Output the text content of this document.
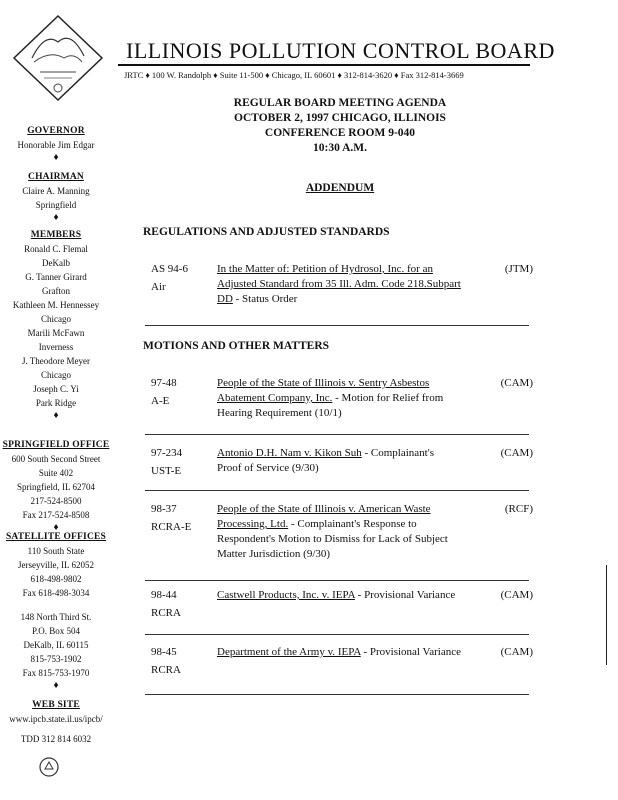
GOVERNOR
Honorable Jim Edgar
♦
CHAIRMAN
Claire A. Manning
Springfield
♦
MEMBERS
Ronald C. Flemal
DeKalb
G. Tanner Girard
Grafton
Kathleen M. Hennessey
Chicago
Marili McFawn
Inverness
J. Theodore Meyer
Chicago
Joseph C. Yi
Park Ridge
♦
SPRINGFIELD OFFICE
600 South Second Street
Suite 402
Springfield, IL 62704
217-524-8500
Fax 217-524-8508
♦
SATELLITE OFFICES
110 South State
Jerseyville, IL 62052
618-498-9802
Fax 618-498-3034
148 North Third St.
P.O. Box 504
DeKalb, IL 60115
815-753-1902
Fax 815-753-1970
♦
WEB SITE
www.ipcb.state.il.us/ipcb/
TDD 312 814 6032
ILLINOIS POLLUTION CONTROL BOARD
JRTC ♦ 100 W. Randolph ♦ Suite 11-500 ♦ Chicago, IL 60601 ♦ 312-814-3620 ♦ Fax 312-814-3669
REGULAR BOARD MEETING AGENDA
OCTOBER 2, 1997 CHICAGO, ILLINOIS
CONFERENCE ROOM 9-040
10:30 A.M.
ADDENDUM
REGULATIONS AND ADJUSTED STANDARDS
AS 94-6
Air
In the Matter of: Petition of Hydrosol, Inc. for an Adjusted Standard from 35 Ill. Adm. Code 218.Subpart DD - Status Order
(JTM)
MOTIONS AND OTHER MATTERS
97-48
A-E
People of the State of Illinois v. Sentry Asbestos Abatement Company, Inc. - Motion for Relief from Hearing Requirement (10/1)
(CAM)
97-234
UST-E
Antonio D.H. Nam v. Kikon Suh - Complainant's Proof of Service (9/30)
(CAM)
98-37
RCRA-E
People of the State of Illinois v. American Waste Processing, Ltd. - Complainant's Response to Respondent's Motion to Dismiss for Lack of Subject Matter Jurisdiction (9/30)
(RCF)
98-44
RCRA
Castwell Products, Inc. v. IEPA - Provisional Variance	(CAM)
98-45
RCRA
Department of the Army v. IEPA - Provisional Variance	(CAM)
